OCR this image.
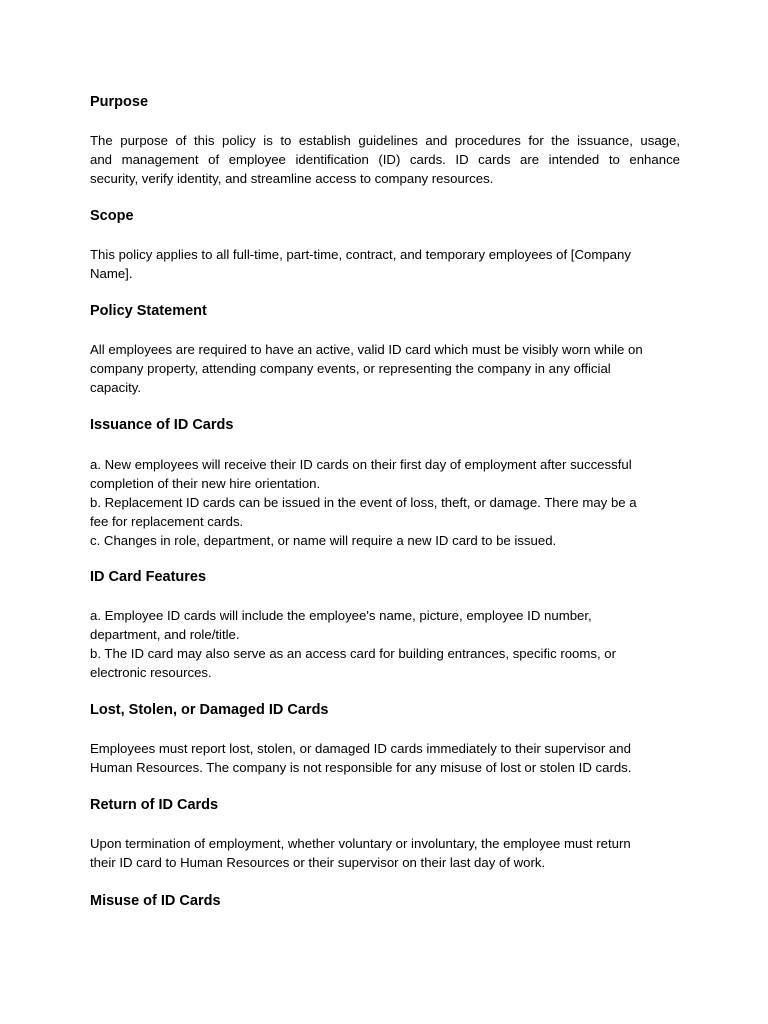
Purpose

The purpose of this policy is to establish guidelines and procedures for the issuance, usage,
and management of employee identification (ID) cards. ID cards are intended to enhance
security, verify identity, and streamline access to company resources.

Scope

This policy applies to all full-time, part-time, contract, and temporary employees of [Company
Name].

Policy Statement

All employees are required to have an active, valid ID card which must be visibly worn while on
company property, attending company events, or representing the company in any official
capacity.

Issuance of ID Cards

a. New employees will receive their ID cards on their first day of employment after successful
completion of their new hire orientation.
b. Replacement ID cards can be issued in the event of loss, theft, or damage. There may be a
fee for replacement cards.
c. Changes in role, department, or name will require a new ID card to be issued.

ID Card Features

a. Employee ID cards will include the employee's name, picture, employee ID number,
department, and role/title.
b. The ID card may also serve as an access card for building entrances, specific rooms, or
electronic resources.

Lost, Stolen, or Damaged ID Cards

Employees must report lost, stolen, or damaged ID cards immediately to their supervisor and
Human Resources. The company is not responsible for any misuse of lost or stolen ID cards.

Return of ID Cards

Upon termination of employment, whether voluntary or involuntary, the employee must return
their ID card to Human Resources or their supervisor on their last day of work.

Misuse of ID Cards
